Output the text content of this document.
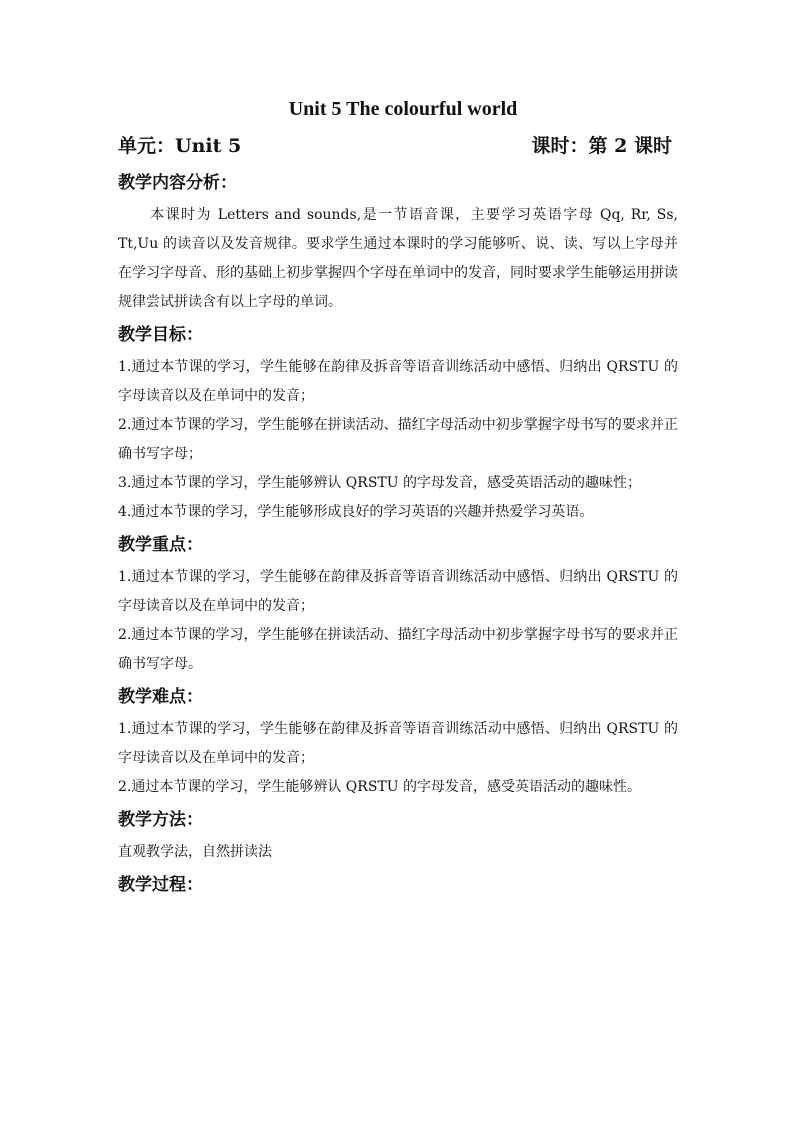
Unit 5 The colourful world
单元：Unit 5	课时：第 2 课时
教学内容分析：

本课时为 Letters and sounds,是一节语音课，主要学习英语字母 Qq, Rr, Ss, Tt,Uu 的读音以及发音规律。要求学生通过本课时的学习能够听、说、读、写以上字母并在学习字母音、形的基础上初步掌握四个字母在单词中的发音，同时要求学生能够运用拼读规律尝试拼读含有以上字母的单词。

教学目标：

1.通过本节课的学习，学生能够在韵律及拆音等语音训练活动中感悟、归纳出 QRSTU 的字母读音以及在单词中的发音；

2.通过本节课的学习，学生能够在拼读活动、描红字母活动中初步掌握字母书写的要求并正确书写字母；

3.通过本节课的学习，学生能够辨认 QRSTU 的字母发音，感受英语活动的趣味性；

4.通过本节课的学习，学生能够形成良好的学习英语的兴趣并热爱学习英语。

教学重点：

1.通过本节课的学习，学生能够在韵律及拆音等语音训练活动中感悟、归纳出 QRSTU 的字母读音以及在单词中的发音；

2.通过本节课的学习，学生能够在拼读活动、描红字母活动中初步掌握字母书写的要求并正确书写字母。

教学难点：

1.通过本节课的学习，学生能够在韵律及拆音等语音训练活动中感悟、归纳出 QRSTU 的字母读音以及在单词中的发音；

2.通过本节课的学习，学生能够辨认 QRSTU 的字母发音，感受英语活动的趣味性。

教学方法：

直观教学法，自然拼读法

教学过程：
